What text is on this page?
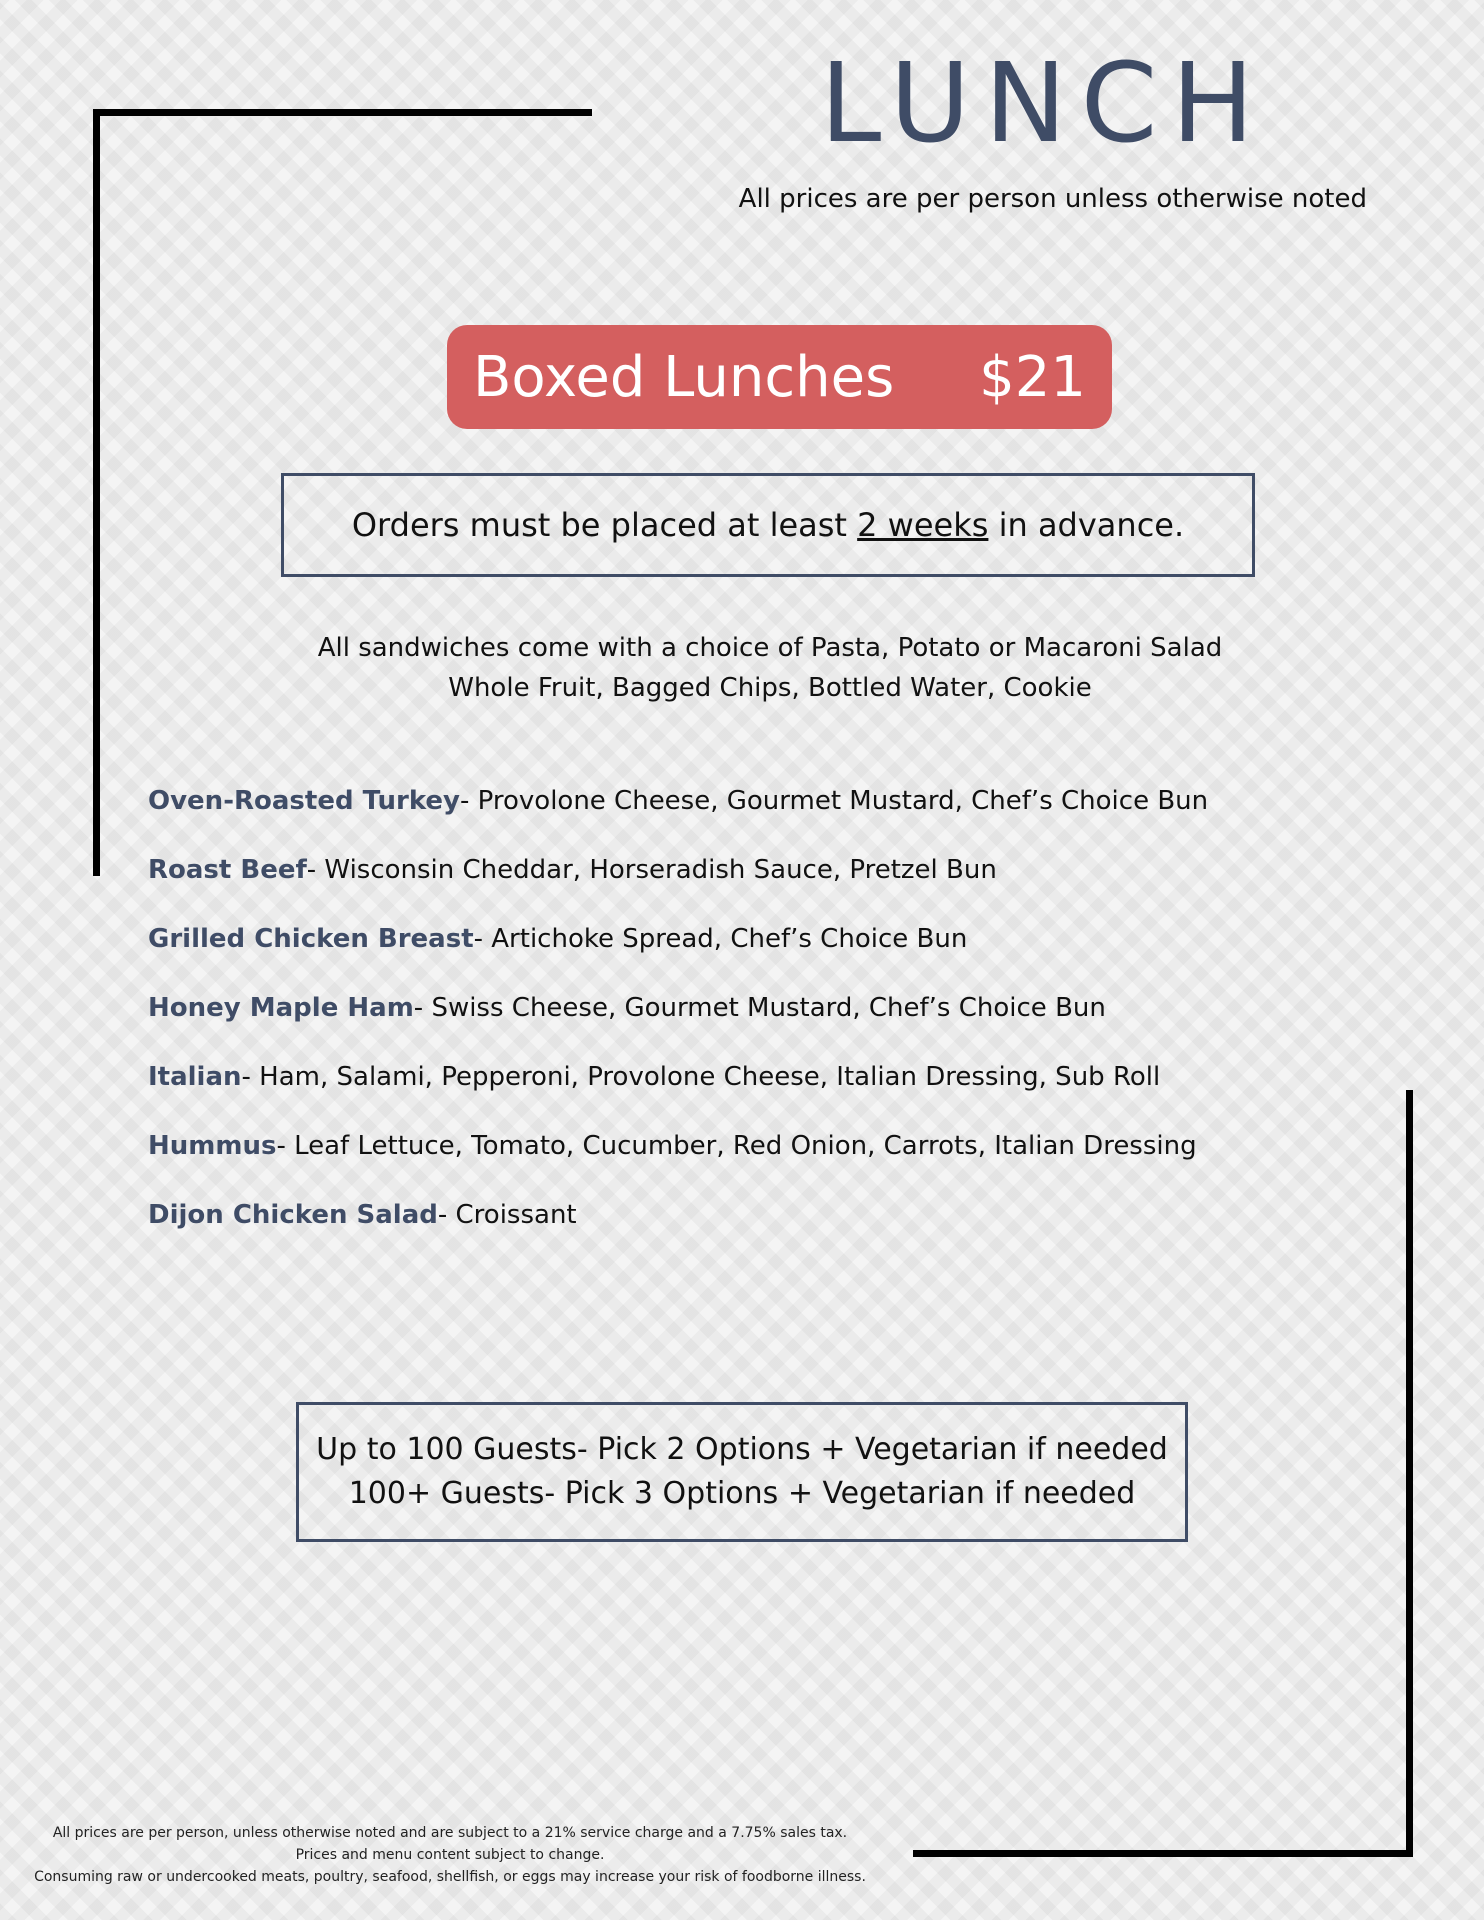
LUNCH
All prices are per person unless otherwise noted
Boxed Lunches $21
Orders must be placed at least 2 weeks in advance.
All sandwiches come with a choice of Pasta, Potato or Macaroni Salad
Whole Fruit, Bagged Chips, Bottled Water, Cookie
Oven-Roasted Turkey- Provolone Cheese, Gourmet Mustard, Chef’s Choice Bun
Roast Beef- Wisconsin Cheddar, Horseradish Sauce, Pretzel Bun
Grilled Chicken Breast- Artichoke Spread, Chef’s Choice Bun
Honey Maple Ham- Swiss Cheese, Gourmet Mustard, Chef’s Choice Bun
Italian- Ham, Salami, Pepperoni, Provolone Cheese, Italian Dressing, Sub Roll
Hummus- Leaf Lettuce, Tomato, Cucumber, Red Onion, Carrots, Italian Dressing
Dijon Chicken Salad- Croissant
Up to 100 Guests- Pick 2 Options + Vegetarian if needed
100+ Guests- Pick 3 Options + Vegetarian if needed
All prices are per person, unless otherwise noted and are subject to a 21% service charge and a 7.75% sales tax.
Prices and menu content subject to change.
Consuming raw or undercooked meats, poultry, seafood, shellfish, or eggs may increase your risk of foodborne illness.
